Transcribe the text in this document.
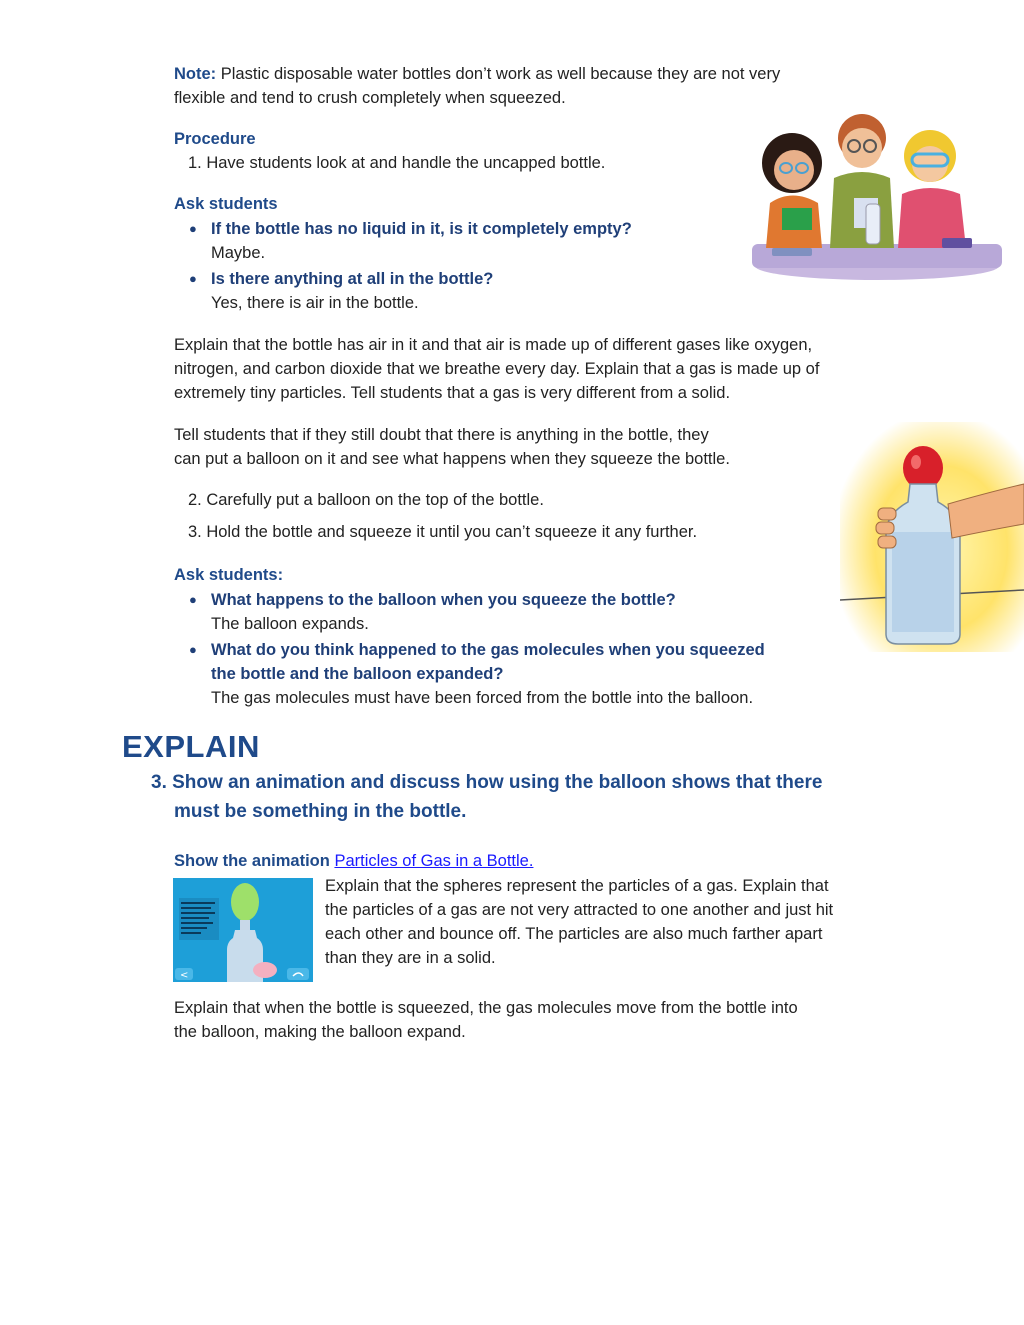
Note: Plastic disposable water bottles don’t work as well because they are not very
flexible and tend to crush completely when squeezed.
Procedure
1. Have students look at and handle the uncapped bottle.
Ask students
● If the bottle has no liquid in it, is it completely empty?
Maybe.
● Is there anything at all in the bottle?
Yes, there is air in the bottle.
Explain that the bottle has air in it and that air is made up of different gases like oxygen,
nitrogen, and carbon dioxide that we breathe every day. Explain that a gas is made up of
extremely tiny particles. Tell students that a gas is very different from a solid.
Tell students that if they still doubt that there is anything in the bottle, they
can put a balloon on it and see what happens when they squeeze the bottle.
2. Carefully put a balloon on the top of the bottle.
3. Hold the bottle and squeeze it until you can’t squeeze it any further.
Ask students:
● What happens to the balloon when you squeeze the bottle?
The balloon expands.
● What do you think happened to the gas molecules when you squeezed
the bottle and the balloon expanded?
The gas molecules must have been forced from the bottle into the balloon.
EXPLAIN
3. Show an animation and discuss how using the balloon shows that there
must be something in the bottle.
Show the animation Particles of Gas in a Bottle.
<
Explain that the spheres represent the particles of a gas. Explain that
the particles of a gas are not very attracted to one another and just hit
each other and bounce off. The particles are also much farther apart
than they are in a solid.
Explain that when the bottle is squeezed, the gas molecules move from the bottle into
the balloon, making the balloon expand.
